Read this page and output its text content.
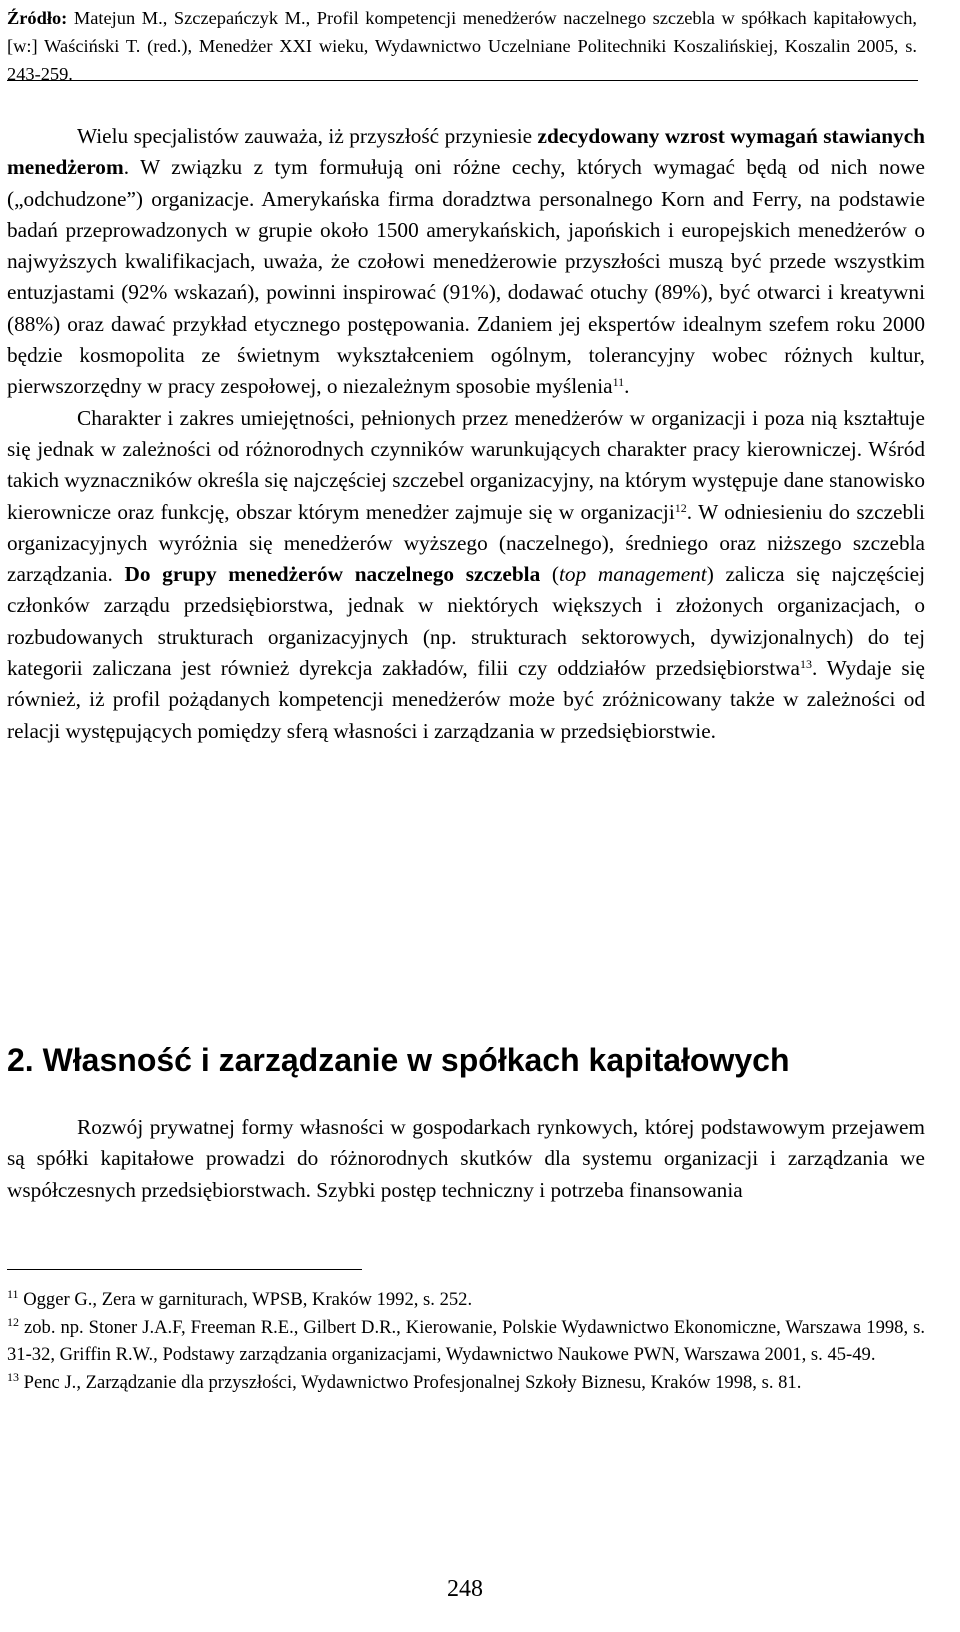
Źródło: Matejun M., Szczepańczyk M., Profil kompetencji menedżerów naczelnego szczebla w spółkach kapitałowych, [w:] Waściński T. (red.), Menedżer XXI wieku, Wydawnictwo Uczelniane Politechniki Koszalińskiej, Koszalin 2005, s. 243-259.

Wielu specjalistów zauważa, iż przyszłość przyniesie zdecydowany wzrost wymagań stawianych menedżerom. W związku z tym formułują oni różne cechy, których wymagać będą od nich nowe („odchudzone”) organizacje. Amerykańska firma doradztwa personalnego Korn and Ferry, na podstawie badań przeprowadzonych w grupie około 1500 amerykańskich, japońskich i europejskich menedżerów o najwyższych kwalifikacjach, uważa, że czołowi menedżerowie przyszłości muszą być przede wszystkim entuzjastami (92% wskazań), powinni inspirować (91%), dodawać otuchy (89%), być otwarci i kreatywni (88%) oraz dawać przykład etycznego postępowania. Zdaniem jej ekspertów idealnym szefem roku 2000 będzie kosmopolita ze świetnym wykształceniem ogólnym, tolerancyjny wobec różnych kultur, pierwszorzędny w pracy zespołowej, o niezależnym sposobie myślenia$^{11}$.

Charakter i zakres umiejętności, pełnionych przez menedżerów w organizacji i poza nią kształtuje się jednak w zależności od różnorodnych czynników warunkujących charakter pracy kierowniczej. Wśród takich wyznaczników określa się najczęściej szczebel organizacyjny, na którym występuje dane stanowisko kierownicze oraz funkcję, obszar którym menedżer zajmuje się w organizacji$^{12}$. W odniesieniu do szczebli organizacyjnych wyróżnia się menedżerów wyższego (naczelnego), średniego oraz niższego szczebla zarządzania. Do grupy menedżerów naczelnego szczebla (top management) zalicza się najczęściej członków zarządu przedsiębiorstwa, jednak w niektórych większych i złożonych organizacjach, o rozbudowanych strukturach organizacyjnych (np. strukturach sektorowych, dywizjonalnych) do tej kategorii zaliczana jest również dyrekcja zakładów, filii czy oddziałów przedsiębiorstwa$^{13}$. Wydaje się również, iż profil pożądanych kompetencji menedżerów może być zróżnicowany także w zależności od relacji występujących pomiędzy sferą własności i zarządzania w przedsiębiorstwie.

2. Własność i zarządzanie w spółkach kapitałowych

Rozwój prywatnej formy własności w gospodarkach rynkowych, której podstawowym przejawem są spółki kapitałowe prowadzi do różnorodnych skutków dla systemu organizacji i zarządzania we współczesnych przedsiębiorstwach. Szybki postęp techniczny i potrzeba finansowania

$^{11}$ Ogger G., Zera w garniturach, WPSB, Kraków 1992, s. 252.

$^{12}$ zob. np. Stoner J.A.F, Freeman R.E., Gilbert D.R., Kierowanie, Polskie Wydawnictwo Ekonomiczne, Warszawa 1998, s. 31-32, Griffin R.W., Podstawy zarządzania organizacjami, Wydawnictwo Naukowe PWN, Warszawa 2001, s. 45-49.

$^{13}$ Penc J., Zarządzanie dla przyszłości, Wydawnictwo Profesjonalnej Szkoły Biznesu, Kraków 1998, s. 81.

248
